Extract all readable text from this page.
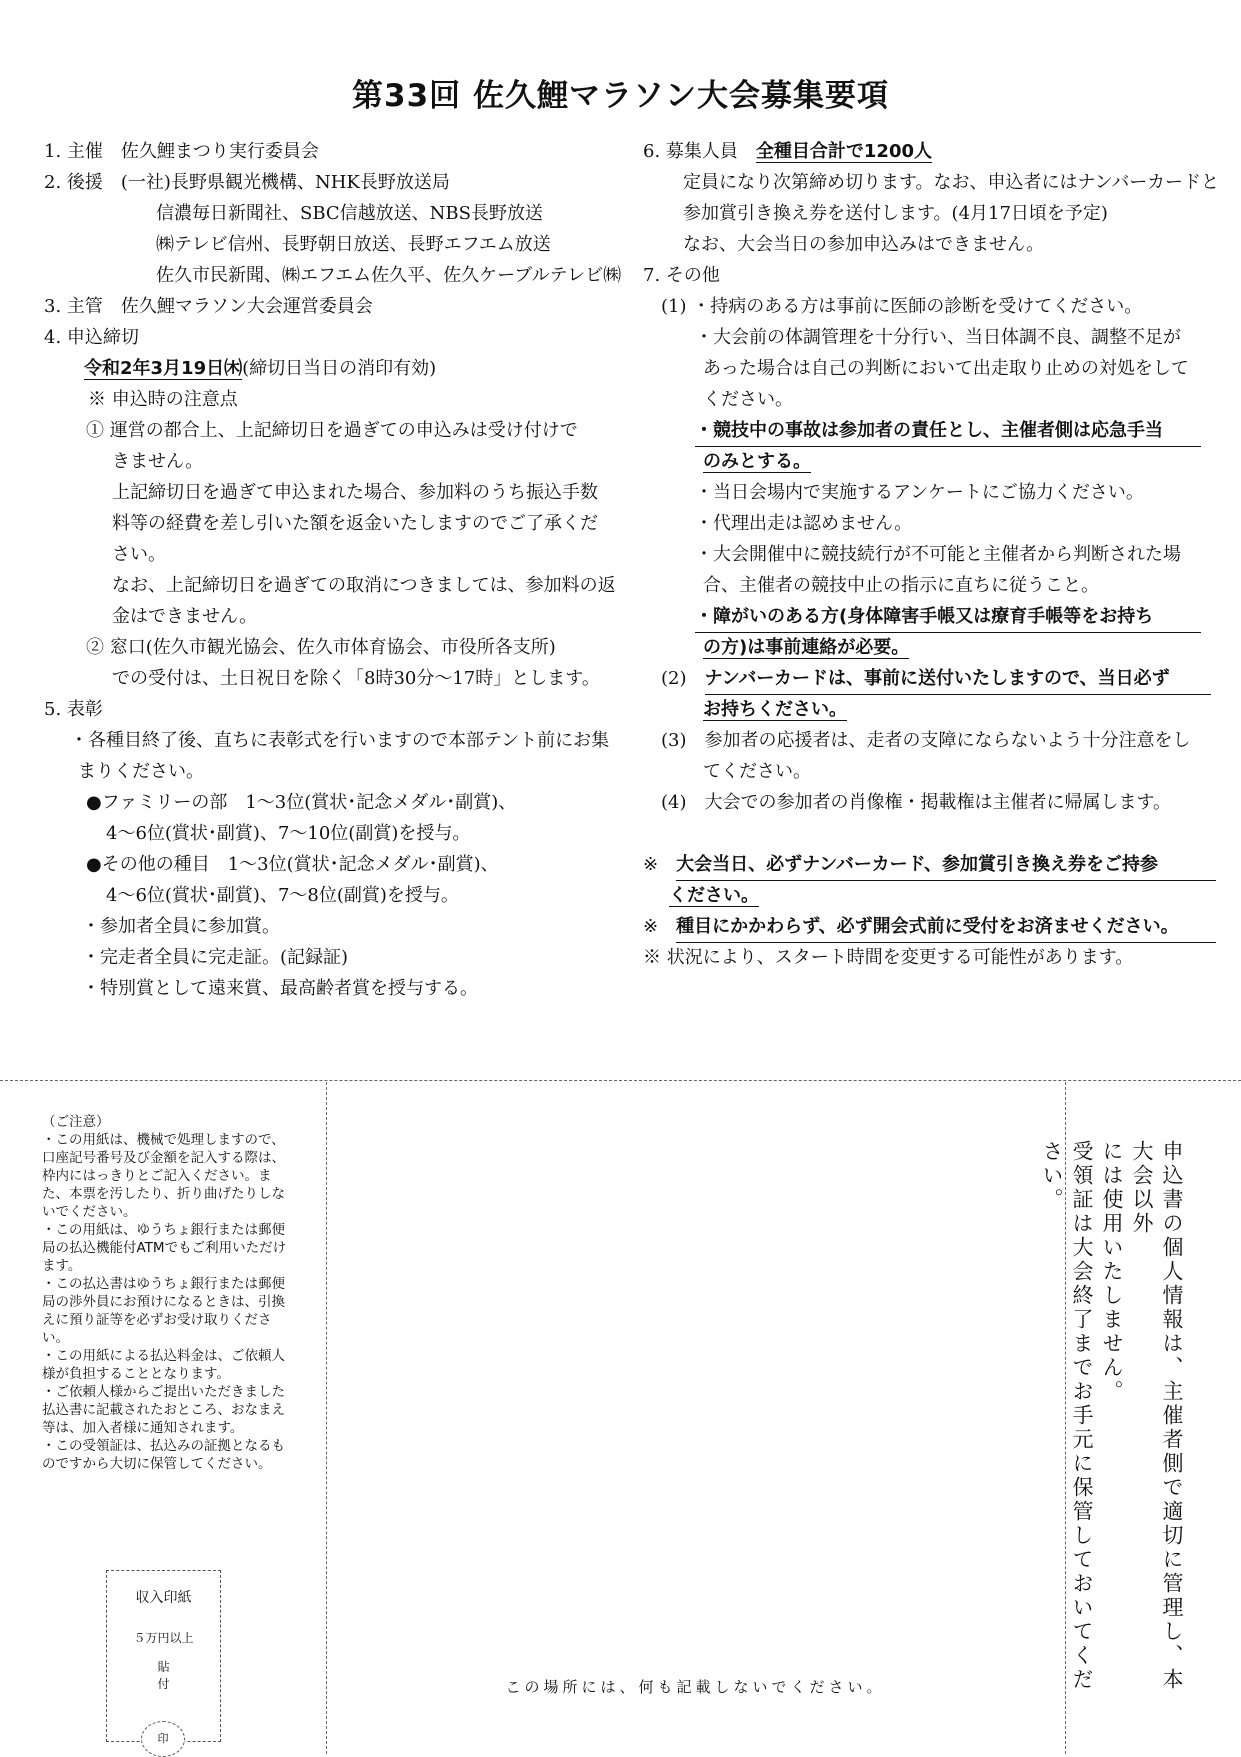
第33回 佐久鯉マラソン大会募集要項
1. 主催　佐久鯉まつり実行委員会
2. 後援　(一社)長野県観光機構、NHK長野放送局
信濃毎日新聞社、SBC信越放送、NBS長野放送
㈱テレビ信州、長野朝日放送、長野エフエム放送
佐久市民新聞、㈱エフエム佐久平、佐久ケーブルテレビ㈱
3. 主管　佐久鯉マラソン大会運営委員会
4. 申込締切
令和2年3月19日㈭(締切日当日の消印有効)
※ 申込時の注意点
① 運営の都合上、上記締切日を過ぎての申込みは受け付けで
きません。
上記締切日を過ぎて申込まれた場合、参加料のうち振込手数
料等の経費を差し引いた額を返金いたしますのでご了承くだ
さい。
なお、上記締切日を過ぎての取消につきましては、参加料の返
金はできません。
② 窓口(佐久市観光協会、佐久市体育協会、市役所各支所)
での受付は、土日祝日を除く「8時30分～17時」とします。
5. 表彰
・各種目終了後、直ちに表彰式を行いますので本部テント前にお集
まりください。
●ファミリーの部　1～3位(賞状･記念メダル･副賞)、
4～6位(賞状･副賞)、7～10位(副賞)を授与。
●その他の種目　1～3位(賞状･記念メダル･副賞)、
4～6位(賞状･副賞)、7～8位(副賞)を授与。
・参加者全員に参加賞。
・完走者全員に完走証。(記録証)
・特別賞として遠来賞、最高齢者賞を授与する。
6. 募集人員　 全種目合計で1200人
定員になり次第締め切ります。なお、申込者にはナンバーカードと
参加賞引き換え券を送付します。(4月17日頃を予定)
なお、大会当日の参加申込みはできません。
7. その他
(1) ・持病のある方は事前に医師の診断を受けてください。
・大会前の体調管理を十分行い、当日体調不良、調整不足が
あった場合は自己の判断において出走取り止めの対処をして
ください。
・競技中の事故は参加者の責任とし、主催者側は応急手当
のみとする。
・当日会場内で実施するアンケートにご協力ください。
・代理出走は認めません。
・大会開催中に競技続行が不可能と主催者から判断された場
合、主催者の競技中止の指示に直ちに従うこと。
・障がいのある方(身体障害手帳又は療育手帳等をお持ち
の方)は事前連絡が必要。
(2)　 ナンバーカードは、事前に送付いたしますので、当日必ず
お持ちください。
(3)　参加者の応援者は、走者の支障にならないよう十分注意をし
てください。
(4)　大会での参加者の肖像権・掲載権は主催者に帰属します。
※　 大会当日、必ずナンバーカード、参加賞引き換え券をご持参
ください。
※　 種目にかかわらず、必ず開会式前に受付をお済ませください。
※ 状況により、スタート時間を変更する可能性があります。

（ご注意）

・この用紙は、機械で処理しますので、口座記号番号及び金額を記入する際は、枠内にはっきりとご記入ください。また、本票を汚したり、折り曲げたりしないでください。

・この用紙は、ゆうちょ銀行または郵便局の払込機能付ATMでもご利用いただけます。

・この払込書はゆうちょ銀行または郵便局の渉外員にお預けになるときは、引換えに預り証等を必ずお受け取りください。

・この用紙による払込料金は、ご依頼人様が負担することとなります。

・ご依頼人様からご提出いただきました払込書に記載されたおところ、おなまえ等は、加入者様に通知されます。

・この受領証は、払込みの証拠となるものですから大切に保管してください。

収入印紙
５万円以上
貼付
印
この場所には、何も記載しないでください。	申込書の個人情報は、主催者側で適切に管理し、本大会以外
には使用いたしません。
受領証は大会終了までお手元に保管しておいてください。
